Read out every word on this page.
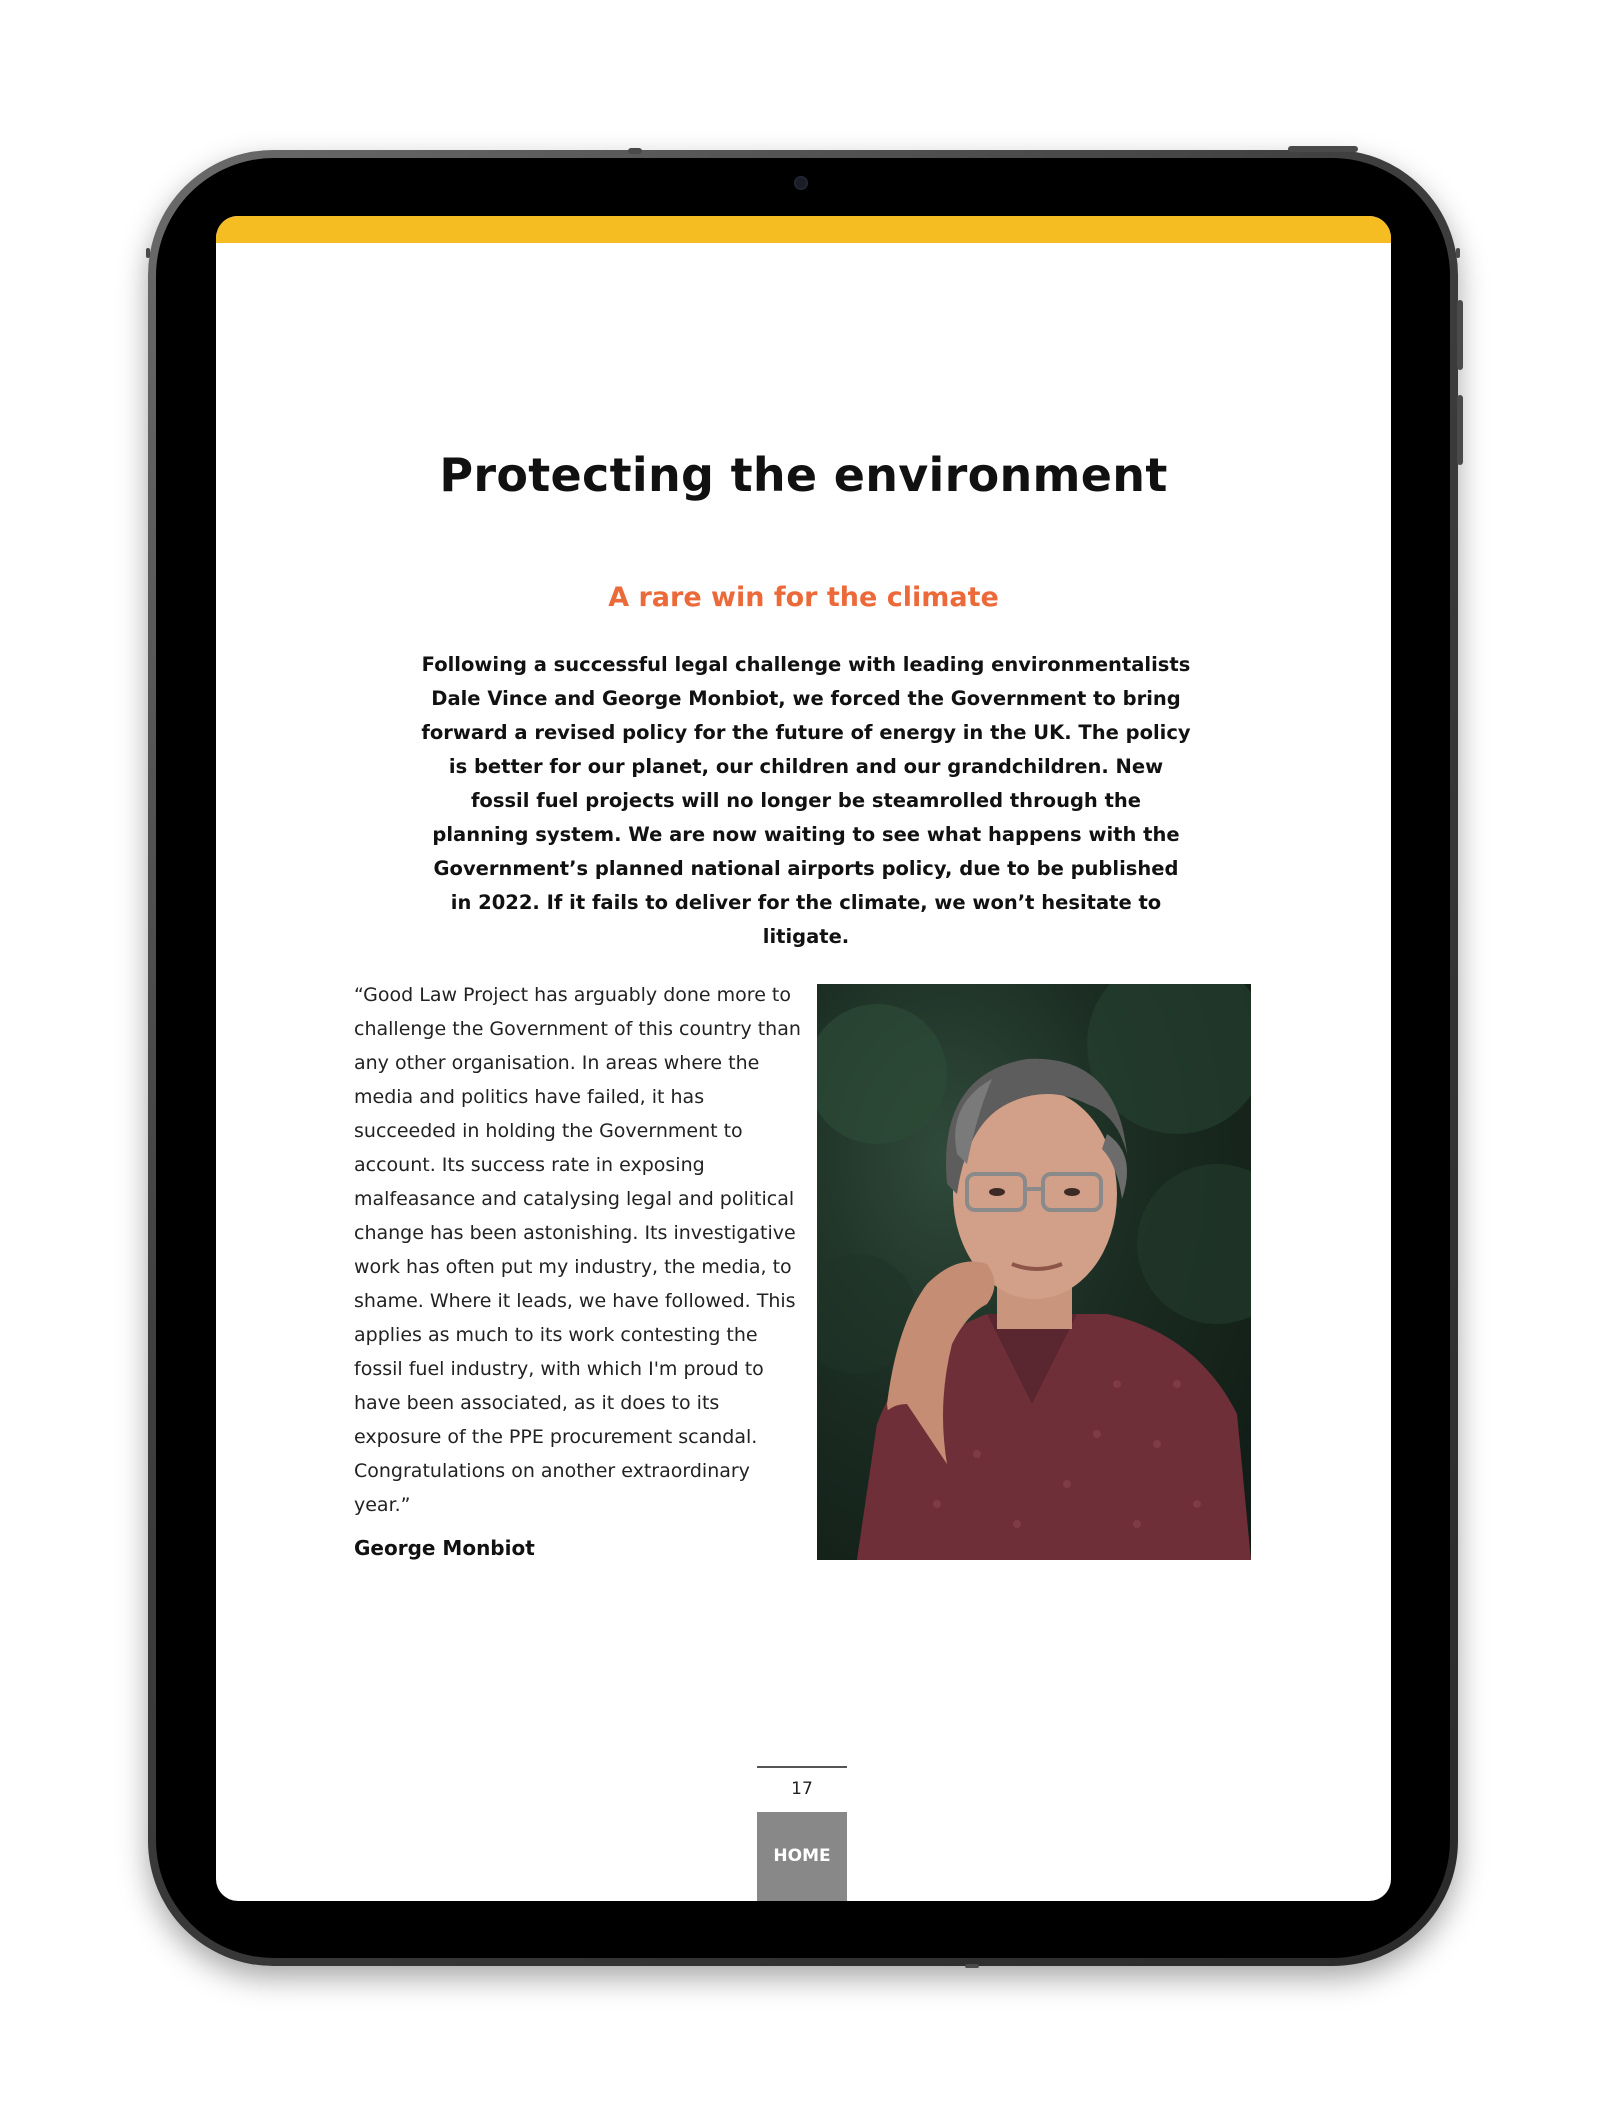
Protecting the environment
A rare win for the climate

Following a successful legal challenge with leading environmentalists Dale Vince and George Monbiot, we forced the Government to bring forward a revised policy for the future of energy in the UK. The policy is better for our planet, our children and our grandchildren. New fossil fuel projects will no longer be steamrolled through the planning system. We are now waiting to see what happens with the Government’s planned national airports policy, due to be published in 2022. If it fails to deliver for the climate, we won’t hesitate to litigate.

“Good Law Project has arguably done more to challenge the Government of this country than any other organisation. In areas where the media and politics have failed, it has succeeded in holding the Government to account. Its success rate in exposing malfeasance and catalysing legal and political change has been astonishing. Its investigative work has often put my industry, the media, to shame. Where it leads, we have followed. This applies as much to its work contesting the fossil fuel industry, with which I'm proud to have been associated, as it does to its exposure of the PPE procurement scandal. Congratulations on another extraordinary year.”

George Monbiot

17
HOME
